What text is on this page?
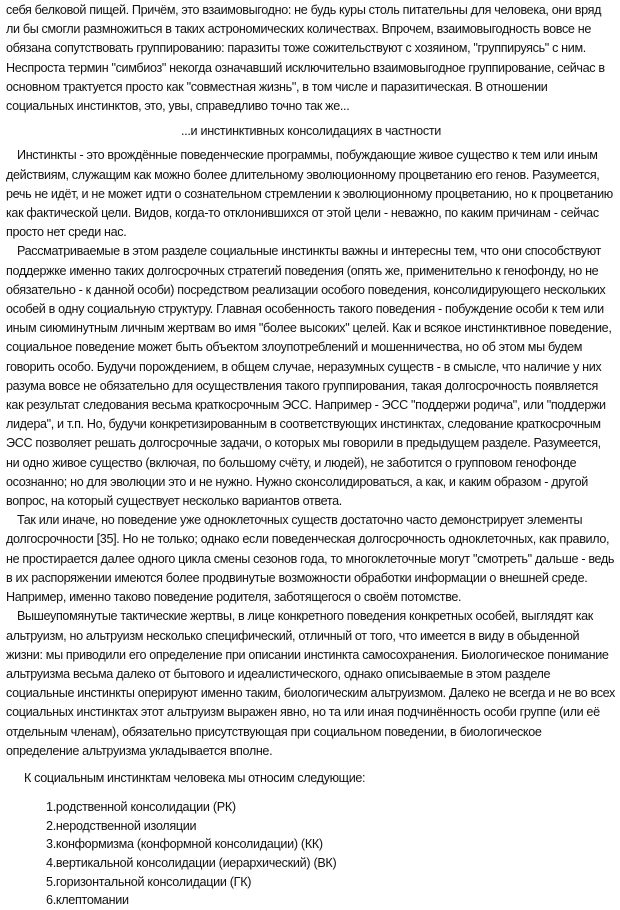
себя белковой пищей. Причём, это взаимовыгодно: не будь куры столь питательны для человека, они вряд ли бы смогли размножиться в таких астрономических количествах. Впрочем, взаимовыгодность вовсе не обязана сопутствовать группированию: паразиты тоже сожительствуют с хозяином, "группируясь" с ним. Неспроста термин "симбиоз" некогда означавший исключительно взаимовыгодное группирование, сейчас в основном трактуется просто как "совместная жизнь", в том числе и паразитическая. В отношении социальных инстинктов, это, увы, справедливо точно так же...

...и инстинктивных консолидациях в частности

Инстинкты - это врождённые поведенческие программы, побуждающие живое существо к тем или иным действиям, служащим как можно более длительному эволюционному процветанию его генов. Разумеется, речь не идёт, и не может идти о сознательном стремлении к эволюционному процветанию, но к процветанию как фактической цели. Видов, когда-то отклонившихся от этой цели - неважно, по каким причинам - сейчас просто нет среди нас.

Рассматриваемые в этом разделе социальные инстинкты важны и интересны тем, что они способствуют поддержке именно таких долгосрочных стратегий поведения (опять же, применительно к генофонду, но не обязательно - к данной особи) посредством реализации особого поведения, консолидирующего нескольких особей в одну социальную структуру. Главная особенность такого поведения - побуждение особи к тем или иным сиюминутным личным жертвам во имя "более высоких" целей. Как и всякое инстинктивное поведение, социальное поведение может быть объектом злоупотреблений и мошенничества, но об этом мы будем говорить особо. Будучи порождением, в общем случае, неразумных существ - в смысле, что наличие у них разума вовсе не обязательно для осуществления такого группирования, такая долгосрочность появляется как результат следования весьма краткосрочным ЭСС. Например - ЭСС "поддержи родича", или "поддержи лидера", и т.п. Но, будучи конкретизированным в соответствующих инстинктах, следование краткосрочным ЭСС позволяет решать долгосрочные задачи, о которых мы говорили в предыдущем разделе. Разумеется, ни одно живое существо (включая, по большому счёту, и людей), не заботится о групповом генофонде осознанно; но для эволюции это и не нужно. Нужно сконсолидироваться, а как, и каким образом - другой вопрос, на который существует несколько вариантов ответа.

Так или иначе, но поведение уже одноклеточных существ достаточно часто демонстрирует элементы долгосрочности [35]. Но не только; однако если поведенческая долгосрочность одноклеточных, как правило, не простирается далее одного цикла смены сезонов года, то многоклеточные могут "смотреть" дальше - ведь в их распоряжении имеются более продвинутые возможности обработки информации о внешней среде. Например, именно таково поведение родителя, заботящегося о своём потомстве.

Вышеупомянутые тактические жертвы, в лице конкретного поведения конкретных особей, выглядят как альтруизм, но альтруизм несколько специфический, отличный от того, что имеется в виду в обыденной жизни: мы приводили его определение при описании инстинкта самосохранения. Биологическое понимание альтруизма весьма далеко от бытового и идеалистического, однако описываемые в этом разделе социальные инстинкты оперируют именно таким, биологическим альтруизмом. Далеко не всегда и не во всех социальных инстинктах этот альтруизм выражен явно, но та или иная подчинённость особи группе (или её отдельным членам), обязательно присутствующая при социальном поведении, в биологическое определение альтруизма укладывается вполне.

К социальным инстинктам человека мы относим следующие:

1.родственной консолидации (РК)
2.неродственной изоляции
3.конформизма (конформной консолидации) (КК)
4.вертикальной консолидации (иерархический) (ВК)
5.горизонтальной консолидации (ГК)
6.клептомании
